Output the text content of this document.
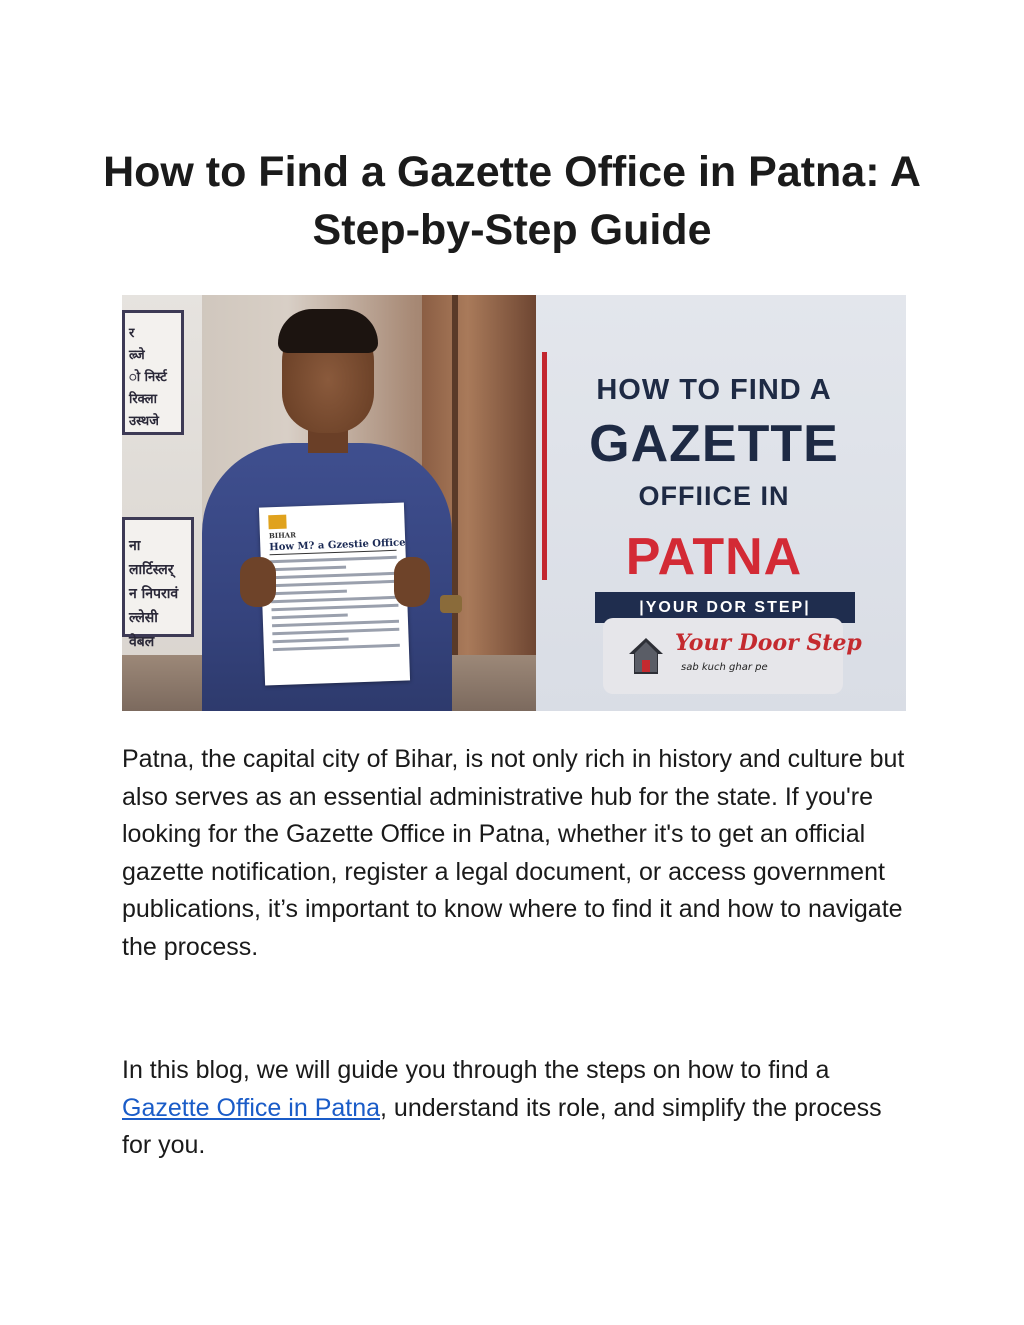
How to Find a Gazette Office in Patna: A Step-by-Step Guide
र
ल्र्जे
ो निर्स्ट
रिक्ला उस्थजे
ना लार्टिस्लर्
न निपरावं
ल्लेसी वेबल
BIHAR
How M? a Gzestie Office
HOW TO FIND A
GAZETTE
OFFIICE IN
PATNA
|YOUR DOR STEP|
Your Door Step
sab kuch ghar pe

Patna, the capital city of Bihar, is not only rich in history and culture but also serves as an essential administrative hub for the state. If you're looking for the Gazette Office in Patna, whether it's to get an official gazette notification, register a legal document, or access government publications, it’s important to know where to find it and how to navigate the process.

In this blog, we will guide you through the steps on how to find a Gazette Office in Patna, understand its role, and simplify the process for you.
